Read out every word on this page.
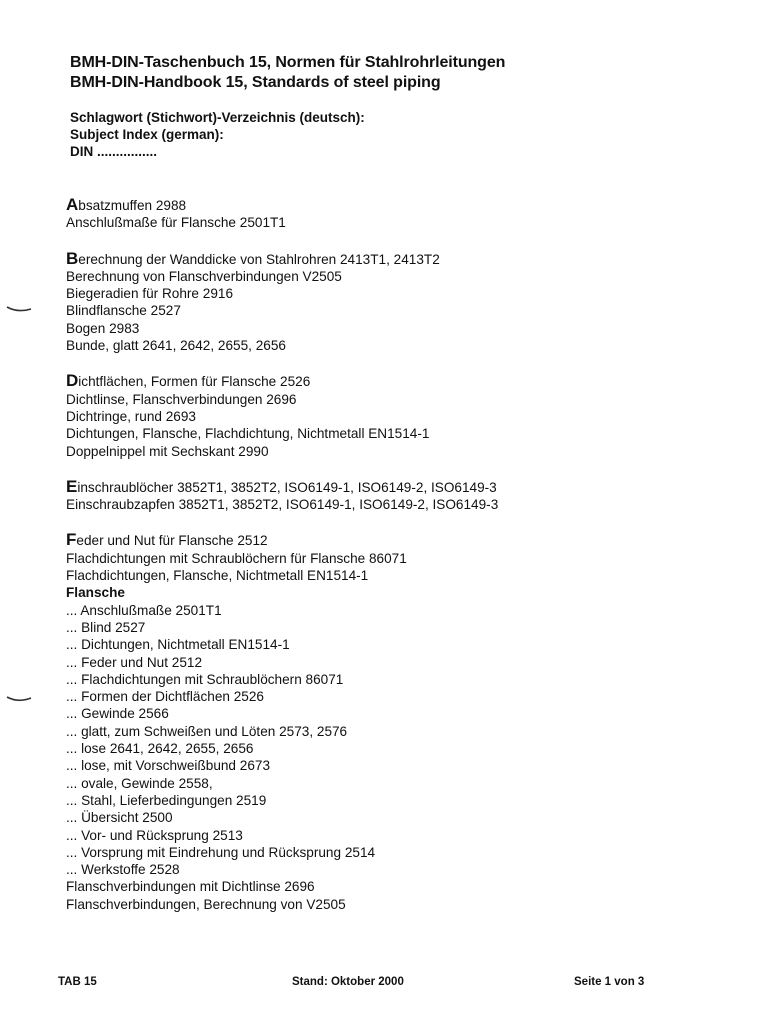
BMH-DIN-Taschenbuch 15, Normen für Stahlrohrleitungen
BMH-DIN-Handbook 15, Standards of steel piping
Schlagwort (Stichwort)-Verzeichnis (deutsch):
Subject Index (german):
DIN ................
Absatzmuffen 2988
Anschlußmaße für Flansche 2501T1
Berechnung der Wanddicke von Stahlrohren 2413T1, 2413T2
Berechnung von Flanschverbindungen V2505
Biegeradien für Rohre 2916
Blindflansche 2527
Bogen 2983
Bunde, glatt 2641, 2642, 2655, 2656
Dichtflächen, Formen für Flansche 2526
Dichtlinse, Flanschverbindungen 2696
Dichtringe, rund 2693
Dichtungen, Flansche, Flachdichtung, Nichtmetall EN1514-1
Doppelnippel mit Sechskant 2990
Einschraublöcher 3852T1, 3852T2, ISO6149-1, ISO6149-2, ISO6149-3
Einschraubzapfen 3852T1, 3852T2, ISO6149-1, ISO6149-2, ISO6149-3
Feder und Nut für Flansche 2512
Flachdichtungen mit Schraublöchern für Flansche 86071
Flachdichtungen, Flansche, Nichtmetall EN1514-1
Flansche
... Anschlußmaße 2501T1
... Blind 2527
... Dichtungen, Nichtmetall EN1514-1
... Feder und Nut 2512
... Flachdichtungen mit Schraublöchern 86071
... Formen der Dichtflächen 2526
... Gewinde 2566
... glatt, zum Schweißen und Löten 2573, 2576
... lose 2641, 2642, 2655, 2656
... lose, mit Vorschweißbund 2673
... ovale, Gewinde 2558,
... Stahl, Lieferbedingungen 2519
... Übersicht 2500
... Vor- und Rücksprung 2513
... Vorsprung mit Eindrehung und Rücksprung 2514
... Werkstoffe 2528
Flanschverbindungen mit Dichtlinse 2696
Flanschverbindungen, Berechnung von V2505
TAB 15	Stand: Oktober 2000	Seite 1 von 3
